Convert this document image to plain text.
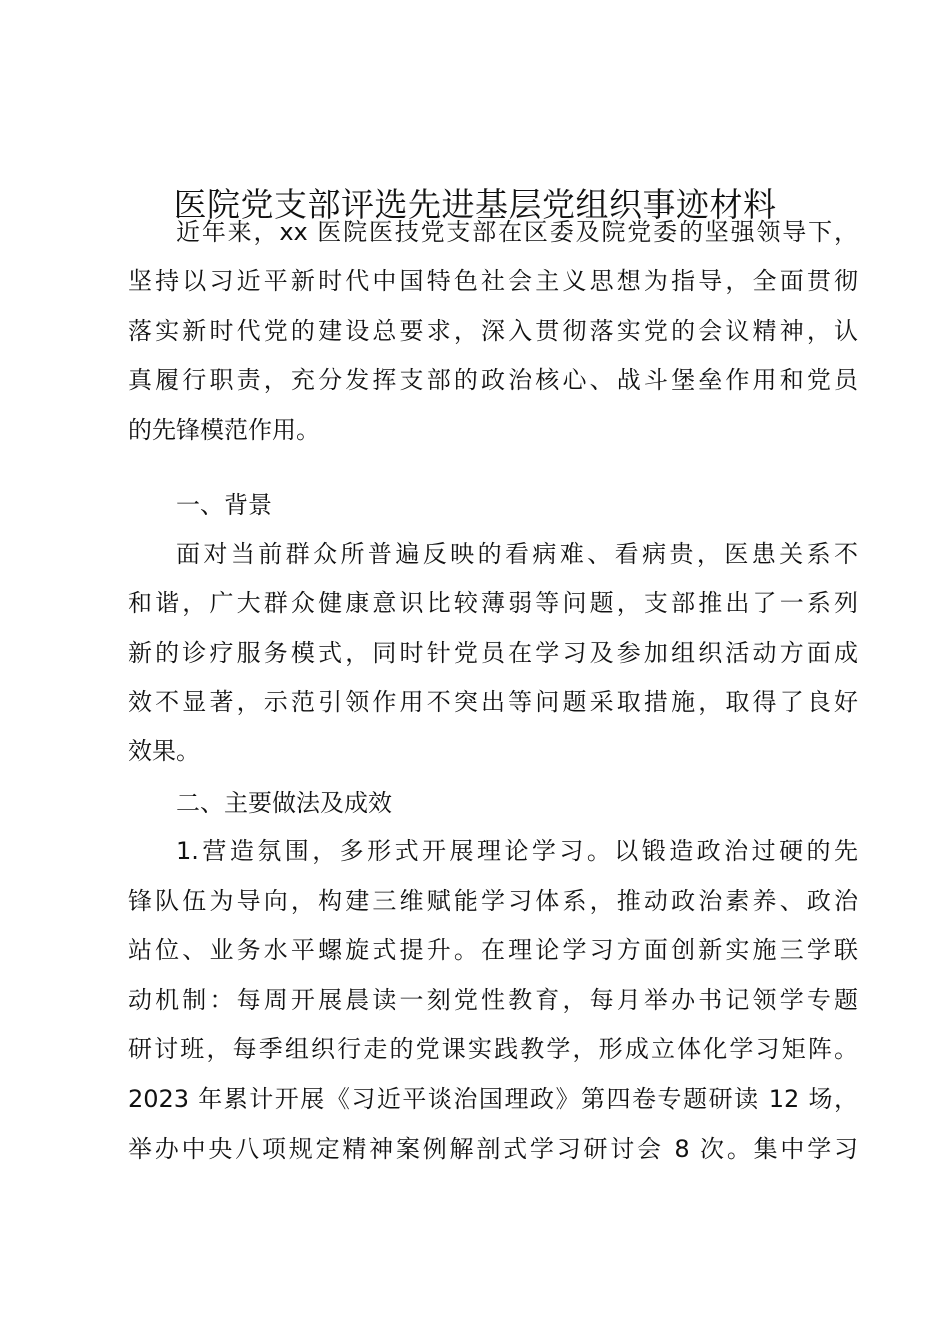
医院党支部评选先进基层党组织事迹材料
近年来，xx 医院医技党支部在区委及院党委的坚强领导下，
坚持以习近平新时代中国特色社会主义思想为指导，全面贯彻
落实新时代党的建设总要求，深入贯彻落实党的会议精神，认
真履行职责，充分发挥支部的政治核心、战斗堡垒作用和党员
的先锋模范作用。
一、背景
面对当前群众所普遍反映的看病难、看病贵，医患关系不
和谐，广大群众健康意识比较薄弱等问题，支部推出了一系列
新的诊疗服务模式，同时针党员在学习及参加组织活动方面成
效不显著，示范引领作用不突出等问题采取措施，取得了良好
效果。
二、主要做法及成效
1.营造氛围，多形式开展理论学习。以锻造政治过硬的先
锋队伍为导向，构建三维赋能学习体系，推动政治素养、政治
站位、业务水平螺旋式提升。在理论学习方面创新实施三学联
动机制：每周开展晨读一刻党性教育，每月举办书记领学专题
研讨班，每季组织行走的党课实践教学，形成立体化学习矩阵。
2023 年累计开展《习近平谈治国理政》第四卷专题研读 12 场，
举办中央八项规定精神案例解剖式学习研讨会 8 次。集中学习
